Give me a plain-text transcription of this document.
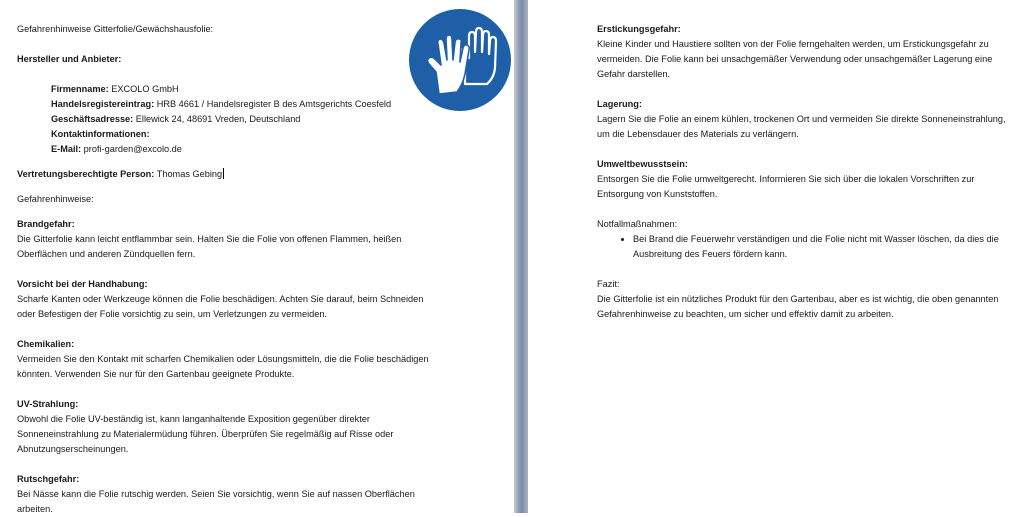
Gefahrenhinweise Gitterfolie/Gewächshausfolie:

Hersteller und Anbieter:

Firmenname: EXCOLO GmbH

Handelsregistereintrag: HRB 4661 / Handelsregister B des Amtsgerichts Coesfeld

Geschäftsadresse: Ellewick 24, 48691 Vreden, Deutschland

Kontaktinformationen:

E-Mail: profi-garden@excolo.de

Vertretungsberechtigte Person: Thomas Gebing

Gefahrenhinweise:

Brandgefahr:

Die Gitterfolie kann leicht entflammbar sein. Halten Sie die Folie von offenen Flammen, heißen

Oberflächen und anderen Zündquellen fern.

Vorsicht bei der Handhabung:

Scharfe Kanten oder Werkzeuge können die Folie beschädigen. Achten Sie darauf, beim Schneiden

oder Befestigen der Folie vorsichtig zu sein, um Verletzungen zu vermeiden.

Chemikalien:

Vermeiden Sie den Kontakt mit scharfen Chemikalien oder Lösungsmitteln, die die Folie beschädigen

könnten. Verwenden Sie nur für den Gartenbau geeignete Produkte.

UV-Strahlung:

Obwohl die Folie UV-beständig ist, kann langanhaltende Exposition gegenüber direkter

Sonneneinstrahlung zu Materialermüdung führen. Überprüfen Sie regelmäßig auf Risse oder

Abnutzungserscheinungen.

Rutschgefahr:

Bei Nässe kann die Folie rutschig werden. Seien Sie vorsichtig, wenn Sie auf nassen Oberflächen

arbeiten.

Erstickungsgefahr:

Kleine Kinder und Haustiere sollten von der Folie ferngehalten werden, um Erstickungsgefahr zu

vermeiden. Die Folie kann bei unsachgemäßer Verwendung oder unsachgemäßer Lagerung eine

Gefahr darstellen.

Lagerung:

Lagern Sie die Folie an einem kühlen, trockenen Ort und vermeiden Sie direkte Sonneneinstrahlung,

um die Lebensdauer des Materials zu verlängern.

Umweltbewusstsein:

Entsorgen Sie die Folie umweltgerecht. Informieren Sie sich über die lokalen Vorschriften zur

Entsorgung von Kunststoffen.

Notfallmaßnahmen:

• Bei Brand die Feuerwehr verständigen und die Folie nicht mit Wasser löschen, da dies die
Ausbreitung des Feuers fördern kann.

Fazit:

Die Gitterfolie ist ein nützliches Produkt für den Gartenbau, aber es ist wichtig, die oben genannten

Gefahrenhinweise zu beachten, um sicher und effektiv damit zu arbeiten.
